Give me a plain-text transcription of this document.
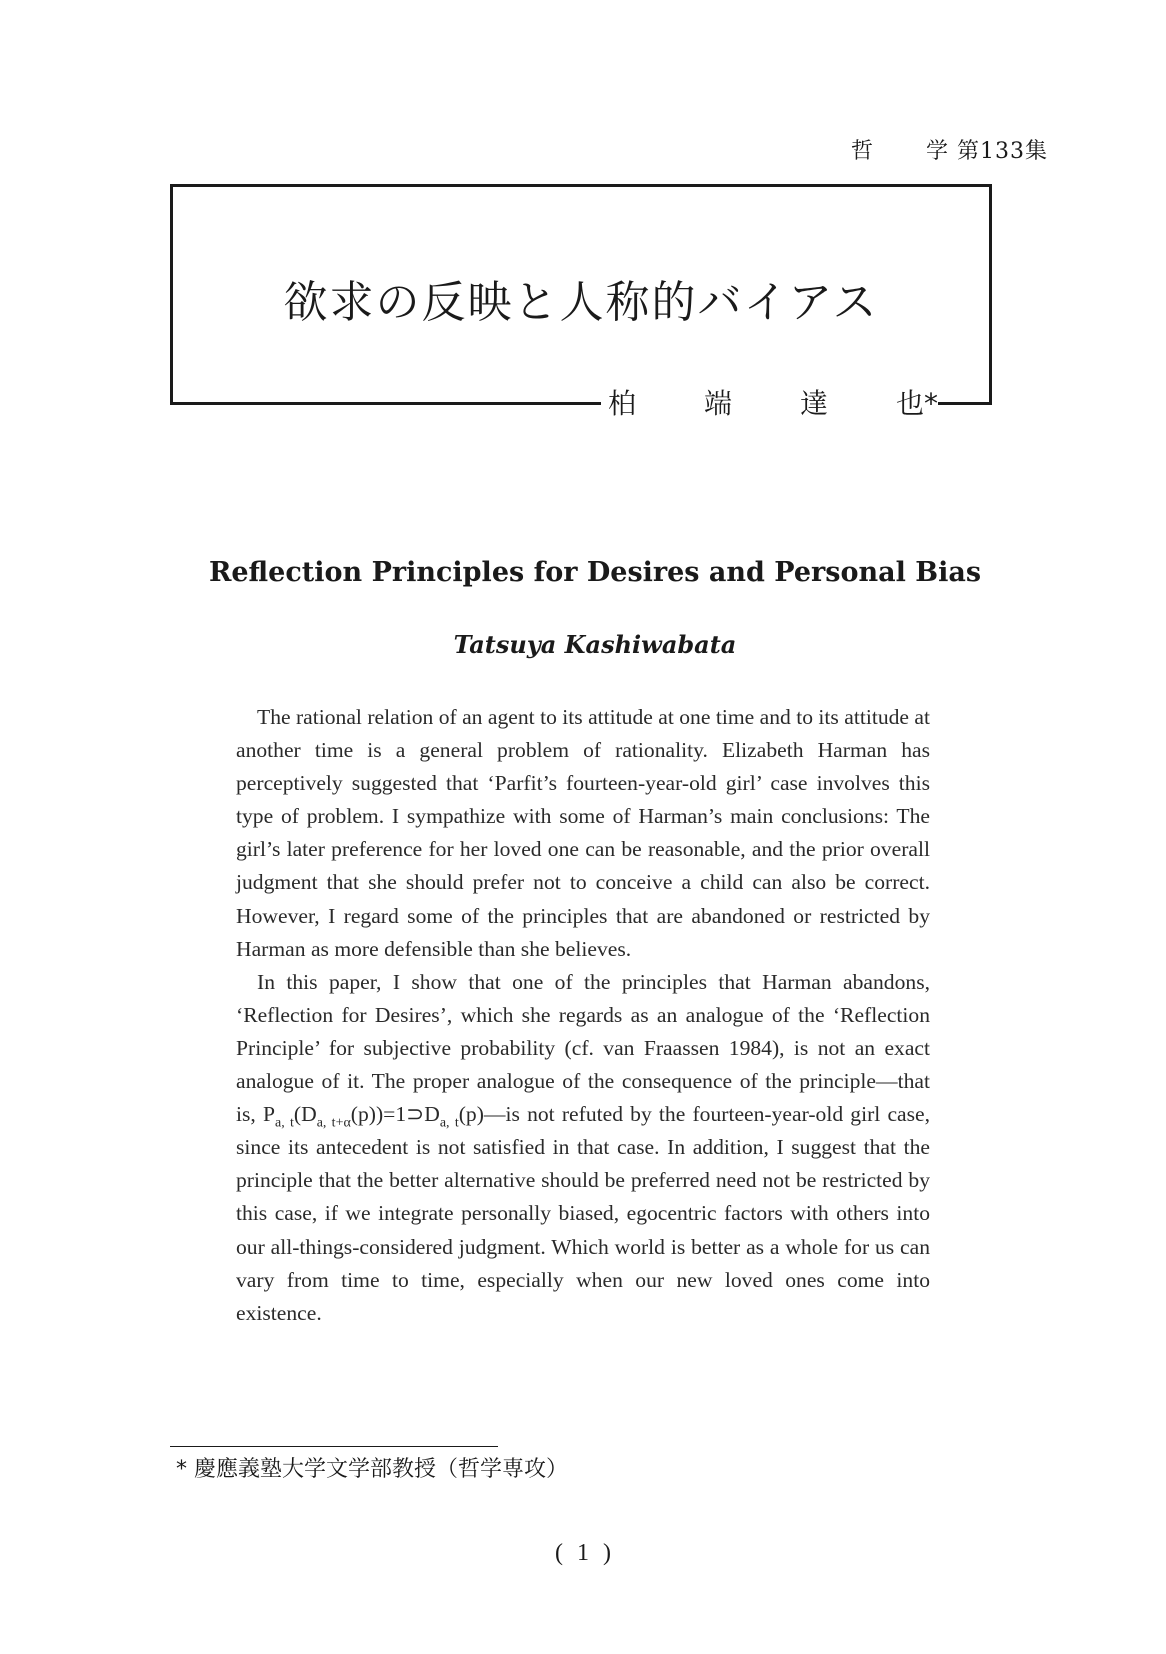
哲 学 第133集
欲求の反映と人称的バイアス
柏 端 達 也*
Reflection Principles for Desires and Personal Bias

Tatsuya Kashiwabata

The rational relation of an agent to its attitude at one time and to its attitude at another time is a general problem of rationality. Elizabeth Harman has perceptively suggested that ‘Parfit’s fourteen-year-old girl’ case involves this type of problem. I sympathize with some of Harman’s main conclusions: The girl’s later preference for her loved one can be reasonable, and the prior overall judgment that she should prefer not to conceive a child can also be correct. However, I regard some of the principles that are abandoned or restricted by Harman as more defensible than she believes.

In this paper, I show that one of the principles that Harman abandons, ‘Reflection for Desires’, which she regards as an analogue of the ‘Reflection Principle’ for subjective probability (cf. van Fraassen 1984), is not an exact analogue of it. The proper analogue of the consequence of the principle—that is, $P_{a, t}(D_{a, t+\alpha}(p))=1⊃D_{a, t}(p)—is$ not refuted by the fourteen-year-old girl case, since its antecedent is not satisfied in that case. In addition, I suggest that the principle that the better alternative should be preferred need not be restricted by this case, if we integrate personally biased, egocentric factors with others into our all-things-considered judgment. Which world is better as a whole for us can vary from time to time, especially when our new loved ones come into existence.

* 慶應義塾大学文学部教授（哲学専攻）

( 1 )
